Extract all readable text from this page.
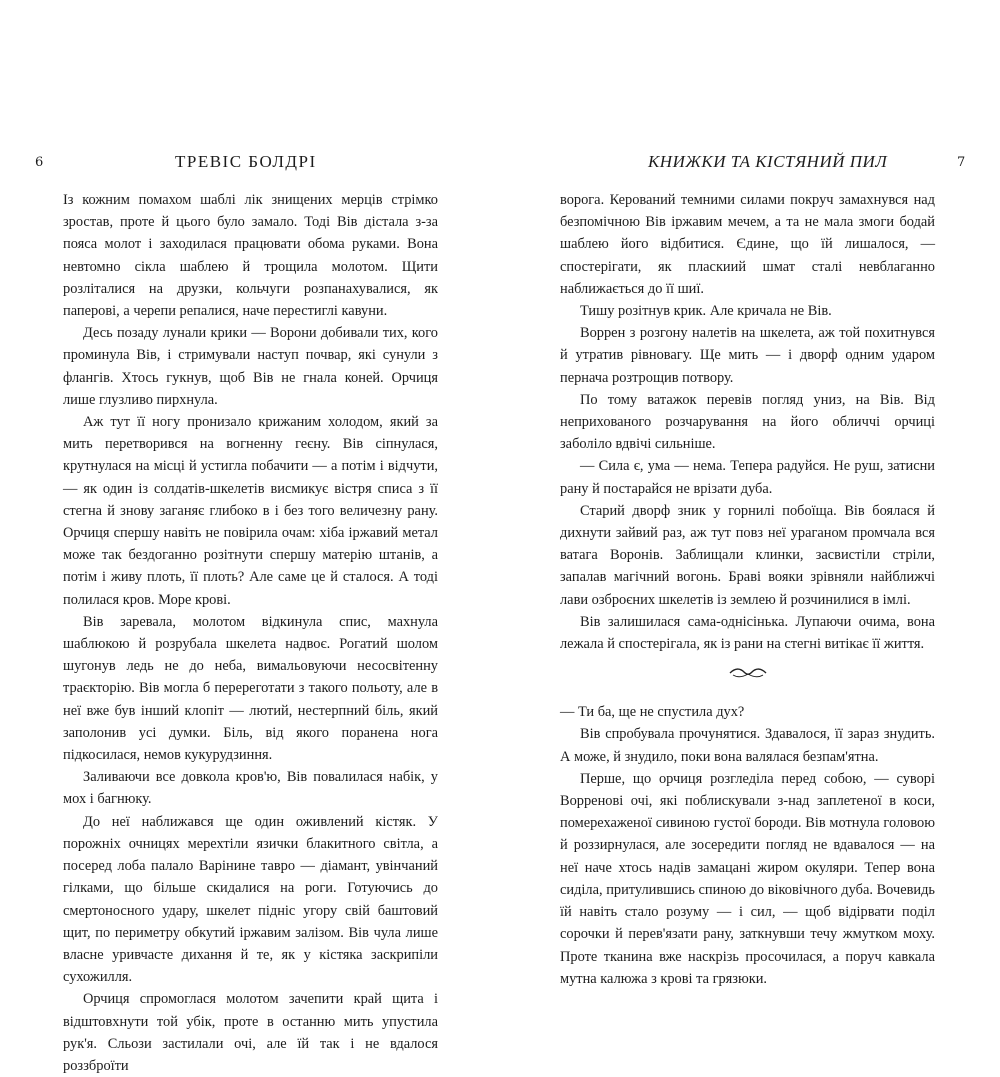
6	ТРЕВІС БОЛДРІ

Із кожним помахом шаблі лік знищених мерців стрімко зростав, проте й цього було замало. Тоді Вів дістала з-за пояса молот і заходилася працювати обома руками. Вона невтомно сікла шаблею й трощила молотом. Щити розліталися на друзки, кольчуги розпанахувалися, як паперові, а черепи репалися, наче перестиглі кавуни.

Десь позаду лунали крики — Ворони добивали тих, кого проминула Вів, і стримували наступ почвар, які сунули з флангів. Хтось гукнув, щоб Вів не гнала коней. Орчиця лише глузливо пирхнула.

Аж тут її ногу пронизало крижаним холодом, який за мить перетворився на вогненну геєну. Вів сіпнулася, крутнулася на місці й устигла побачити — а потім і відчути, — як один із солдатів-шкелетів висмикує вістря списа з її стегна й знову заганяє глибоко в і без того величезну рану. Орчиця спершу навіть не повірила очам: хіба іржавий метал може так бездоганно розітнути спершу матерію штанів, а потім і живу плоть, її плоть? Але саме це й сталося. А тоді полилася кров. Море крові.

Вів заревала, молотом відкинула спис, махнула шаблюкою й розрубала шкелета надвоє. Рогатий шолом шугонув ледь не до неба, вимальовуючи несосвітенну траєкторію. Вів могла б перереготати з такого польоту, але в неї вже був інший клопіт — лютий, нестерпний біль, який заполонив усі думки. Біль, від якого поранена нога підкосилася, немов кукурудзиння.

Заливаючи все довкола кров'ю, Вів повалилася набік, у мох і багнюку.

До неї наближався ще один оживлений кістяк. У порожніх очницях мерехтіли язички блакитного світла, а посеред лоба палало Варінине тавро — діамант, увінчаний гілками, що більше скидалися на роги. Готуючись до смертоносного удару, шкелет підніс угору свій баштовий щит, по периметру обкутий іржавим залізом. Вів чула лише власне уривчасте дихання й те, як у кістяка заскрипіли сухожилля.

Орчиця спромоглася молотом зачепити край щита і відштовхнути той убік, проте в останню мить упустила рук'я. Сльози застилали очі, але їй так і не вдалося роззброїти

КНИЖКИ ТА КІСТЯНИЙ ПИЛ	7

ворога. Керований темними силами покруч замахнувся над безпомічною Вів іржавим мечем, а та не мала змоги бодай шаблею його відбитися. Єдине, що їй лишалося, — спостерігати, як пласкиий шмат сталі невблаганно наближається до її шиї.

Тишу розітнув крик. Але кричала не Вів.

Воррен з розгону налетів на шкелета, аж той похитнувся й утратив рівновагу. Ще мить — і дворф одним ударом пернача розтрощив потвору.

По тому ватажок перевів погляд униз, на Вів. Від неприхованого розчарування на його обличчі орчиці заболіло вдвічі сильніше.

— Сила є, ума — нема. Тепера радуйся. Не руш, затисни рану й постарайся не врізати дуба.

Старий дворф зник у горнилі побоїща. Вів боялася й дихнути зайвий раз, аж тут повз неї ураганом промчала вся ватага Воронів. Заблищали клинки, засвистіли стріли, запалав магічний вогонь. Браві вояки зрівняли найближчі лави озброєних шкелетів із землею й розчинилися в імлі.

Вів залишилася сама-однісінька. Лупаючи очима, вона лежала й спостерігала, як із рани на стегні витікає її життя.

— Ти ба, ще не спустила дух?

Вів спробувала прочунятися. Здавалося, її зараз знудить. А може, й знудило, поки вона валялася безпам'ятна.

Перше, що орчиця розгледіла перед собою, — суворі Ворренові очі, які поблискували з-над заплетеної в коси, померехаженої сивиною густої бороди. Вів мотнула головою й роззирнулася, але зосередити погляд не вдавалося — на неї наче хтось надів замацані жиром окуляри. Тепер вона сиділа, притулившись спиною до віковічного дуба. Вочевидь їй навіть стало розуму — і сил, — щоб відірвати поділ сорочки й перев'язати рану, заткнувши течу жмутком моху. Проте тканина вже наскрізь просочилася, а поруч кавкала мутна калюжа з крові та грязюки.
